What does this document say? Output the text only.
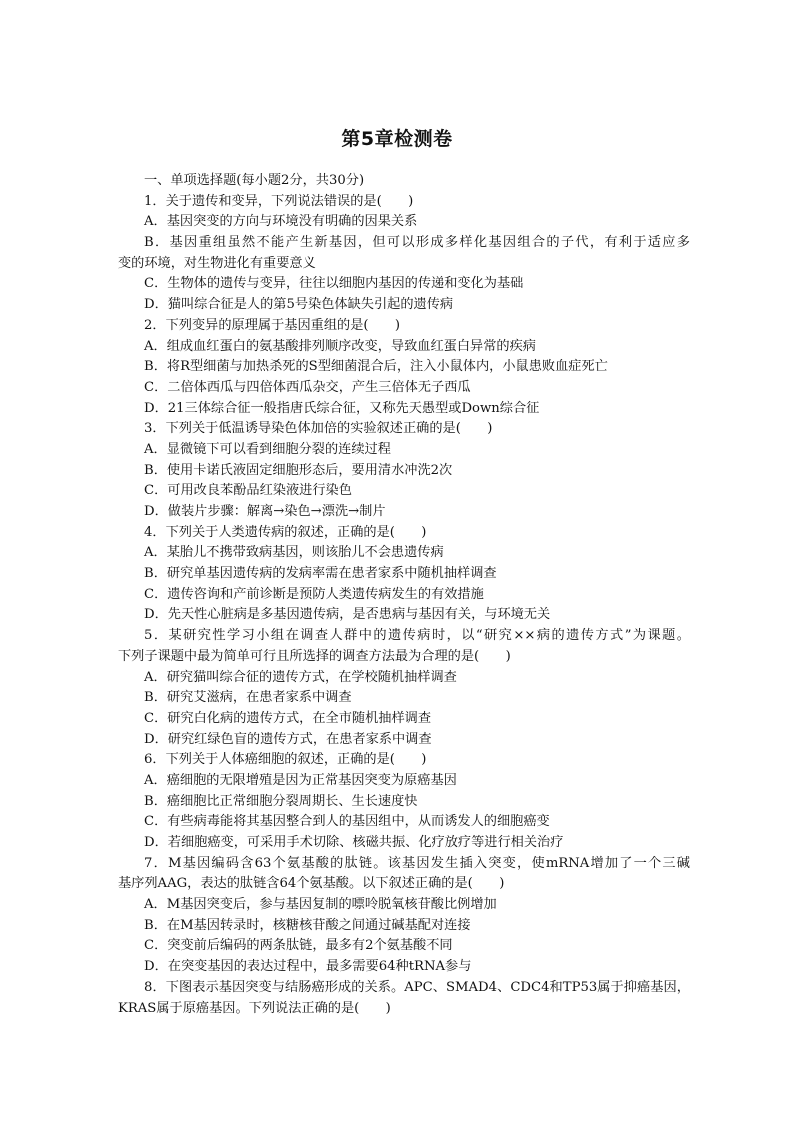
第5章检测卷
一、单项选择题(每小题2分，共30分)
1．关于遗传和变异，下列说法错误的是(　　)
A．基因突变的方向与环境没有明确的因果关系
B．基因重组虽然不能产生新基因，但可以形成多样化基因组合的子代，有利于适应多
变的环境，对生物进化有重要意义
C．生物体的遗传与变异，往往以细胞内基因的传递和变化为基础
D．猫叫综合征是人的第5号染色体缺失引起的遗传病
2．下列变异的原理属于基因重组的是(　　)
A．组成血红蛋白的氨基酸排列顺序改变，导致血红蛋白异常的疾病
B．将R型细菌与加热杀死的S型细菌混合后，注入小鼠体内，小鼠患败血症死亡
C．二倍体西瓜与四倍体西瓜杂交，产生三倍体无子西瓜
D．21三体综合征一般指唐氏综合征，又称先天愚型或Down综合征
3．下列关于低温诱导染色体加倍的实验叙述正确的是(　　)
A．显微镜下可以看到细胞分裂的连续过程
B．使用卡诺氏液固定细胞形态后，要用清水冲洗2次
C．可用改良苯酚品红染液进行染色
D．做装片步骤：解离→染色→漂洗→制片
4．下列关于人类遗传病的叙述，正确的是(　　)
A．某胎儿不携带致病基因，则该胎儿不会患遗传病
B．研究单基因遗传病的发病率需在患者家系中随机抽样调查
C．遗传咨询和产前诊断是预防人类遗传病发生的有效措施
D．先天性心脏病是多基因遗传病，是否患病与基因有关，与环境无关
5．某研究性学习小组在调查人群中的遗传病时，以“研究××病的遗传方式”为课题。
下列子课题中最为简单可行且所选择的调查方法最为合理的是(　　)
A．研究猫叫综合征的遗传方式，在学校随机抽样调查
B．研究艾滋病，在患者家系中调查
C．研究白化病的遗传方式，在全市随机抽样调查
D．研究红绿色盲的遗传方式，在患者家系中调查
6．下列关于人体癌细胞的叙述，正确的是(　　)
A．癌细胞的无限增殖是因为正常基因突变为原癌基因
B．癌细胞比正常细胞分裂周期长、生长速度快
C．有些病毒能将其基因整合到人的基因组中，从而诱发人的细胞癌变
D．若细胞癌变，可采用手术切除、核磁共振、化疗放疗等进行相关治疗
7．M基因编码含63个氨基酸的肽链。该基因发生插入突变，使mRNA增加了一个三碱
基序列AAG，表达的肽链含64个氨基酸。以下叙述正确的是(　　)
A．M基因突变后，参与基因复制的嘌呤脱氧核苷酸比例增加
B．在M基因转录时，核糖核苷酸之间通过碱基配对连接
C．突变前后编码的两条肽链，最多有2个氨基酸不同
D．在突变基因的表达过程中，最多需要64种tRNA参与
8．下图表示基因突变与结肠癌形成的关系。APC、SMAD4、CDC4和TP53属于抑癌基因，
KRAS属于原癌基因。下列说法正确的是(　　)
